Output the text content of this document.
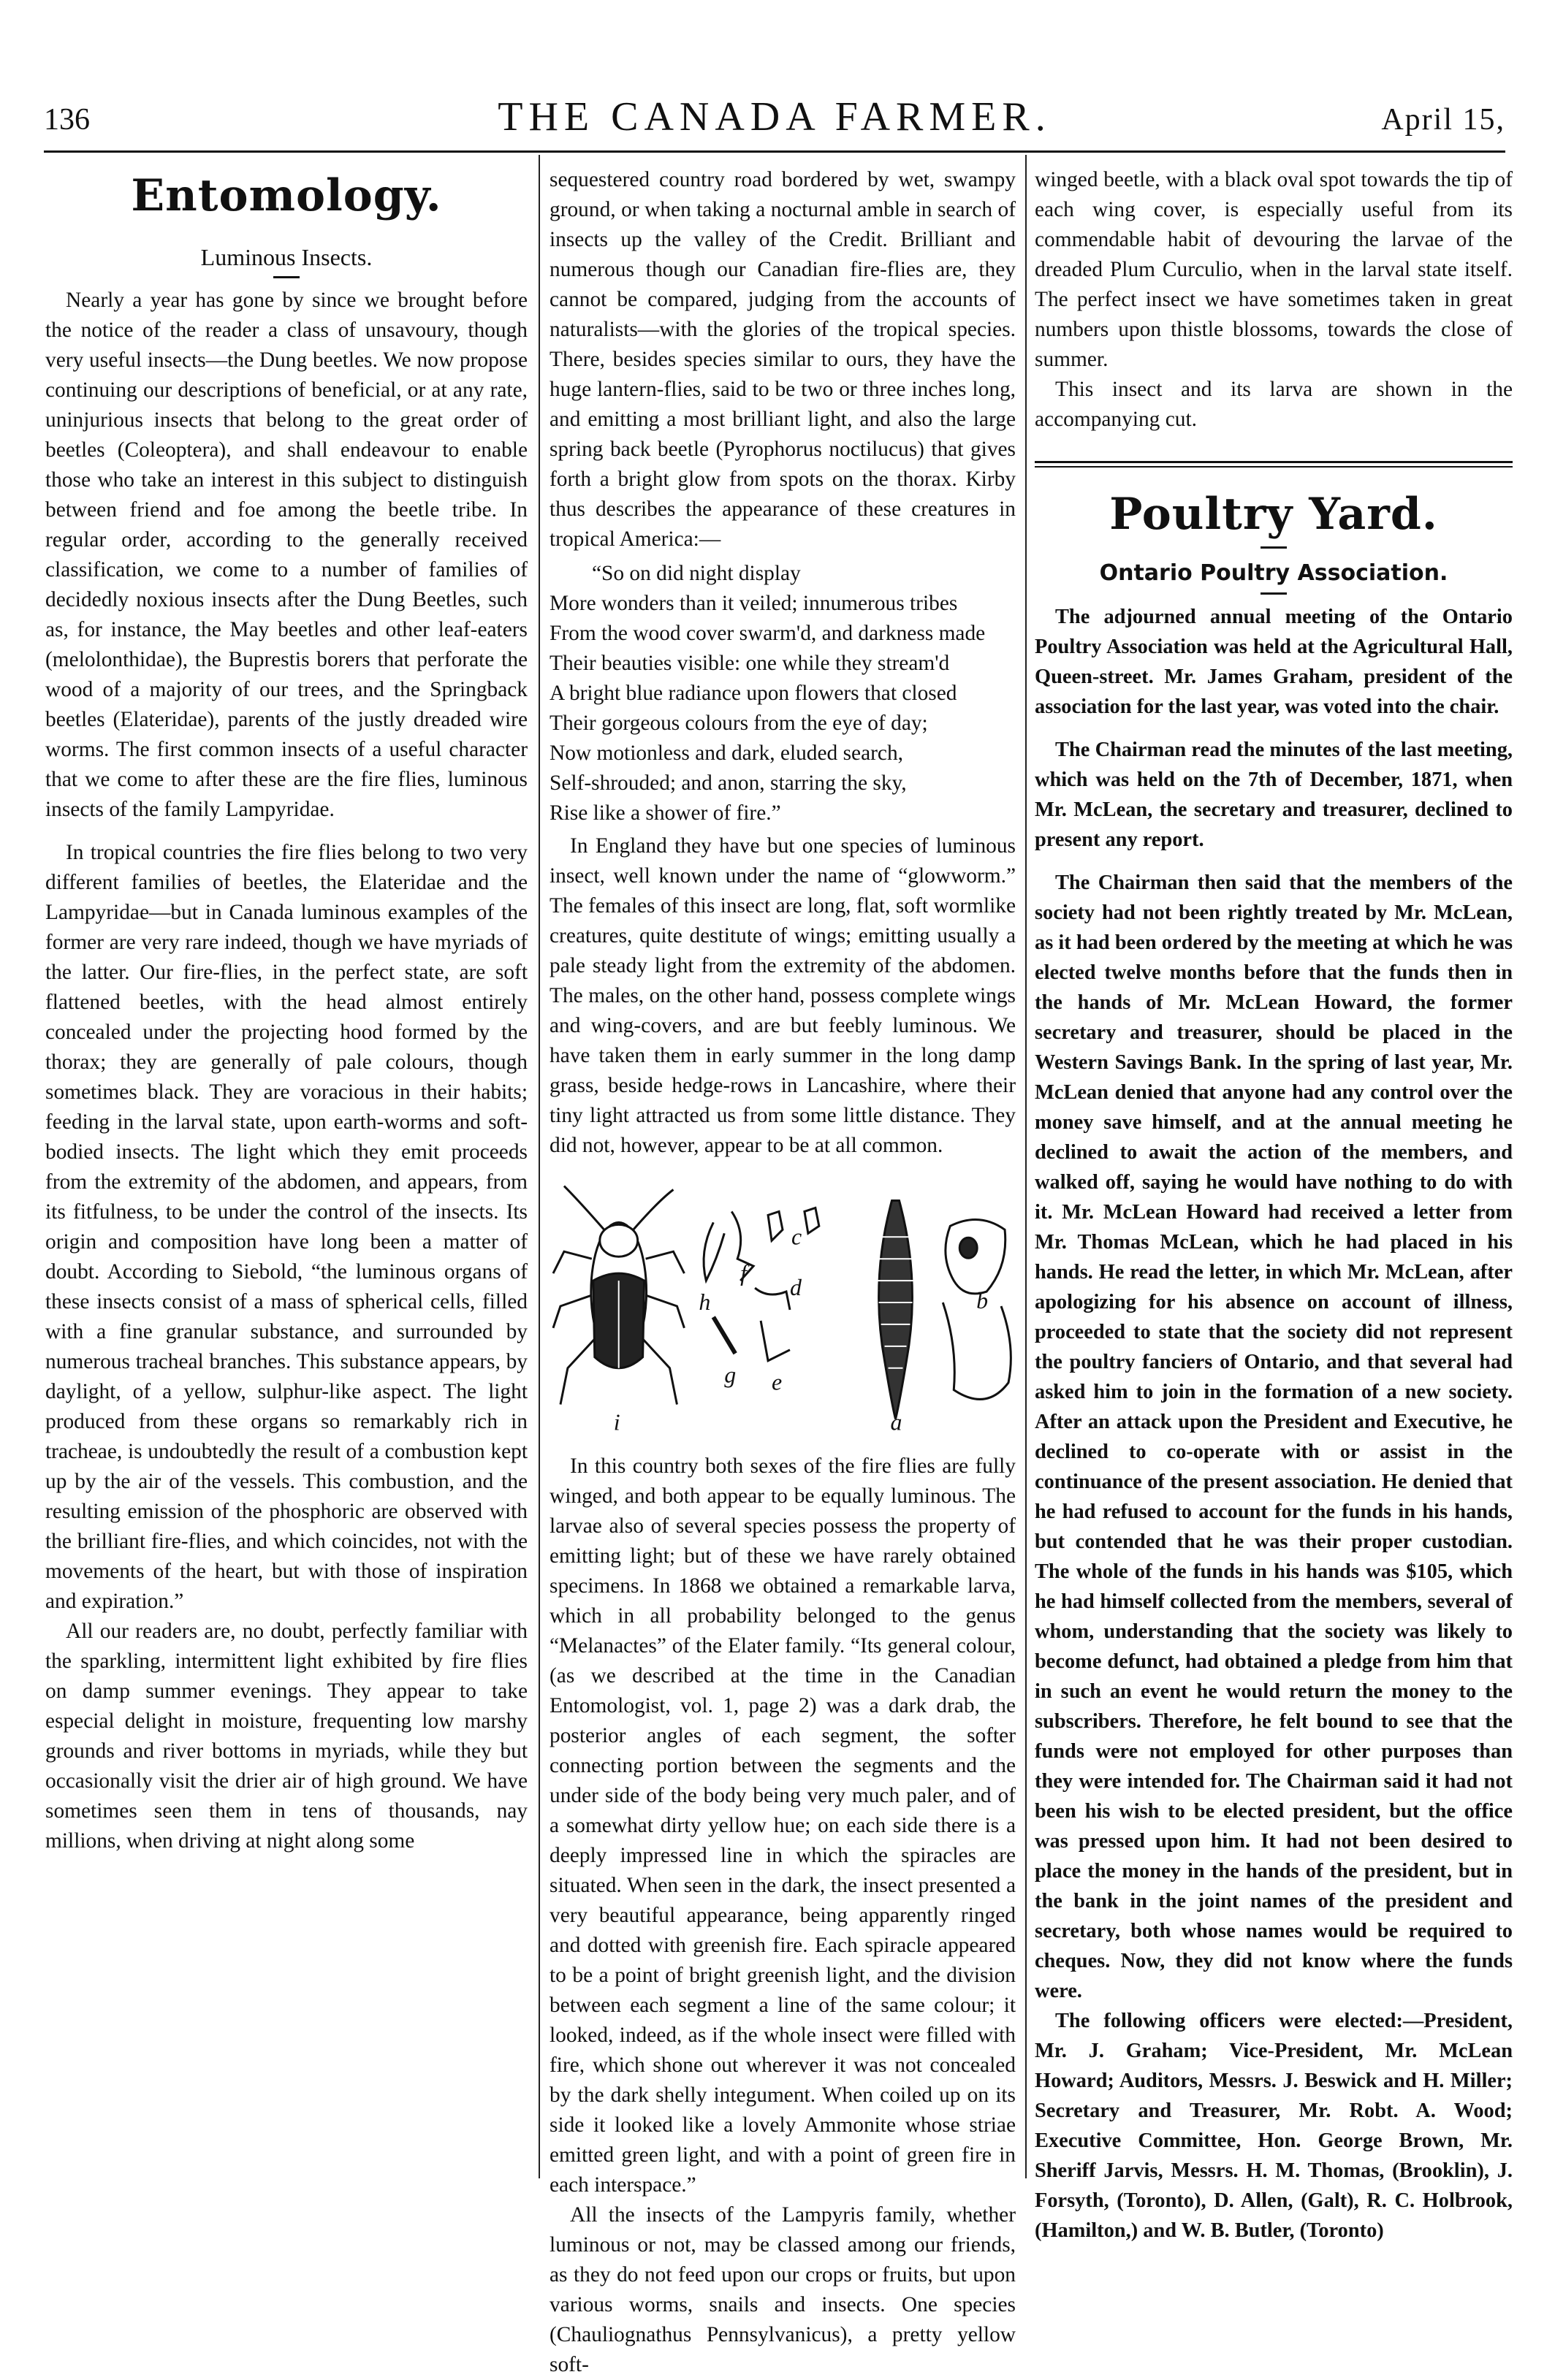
136	THE CANADA FARMER.	April 15,
Entomology.
Luminous Insects.

Nearly a year has gone by since we brought before the notice of the reader a class of unsavoury, though very useful insects—the Dung beetles. We now propose continuing our descriptions of beneficial, or at any rate, uninjurious insects that belong to the great order of beetles (Coleoptera), and shall endeavour to enable those who take an interest in this subject to distinguish between friend and foe among the beetle tribe. In regular order, according to the generally received classification, we come to a number of families of decidedly noxious insects after the Dung Beetles, such as, for instance, the May beetles and other leaf-eaters (melolonthidae), the Buprestis borers that perforate the wood of a majority of our trees, and the Springback beetles (Elateridae), parents of the justly dreaded wire worms. The first common insects of a useful character that we come to after these are the fire flies, luminous insects of the family Lampyridae.

In tropical countries the fire flies belong to two very different families of beetles, the Elateridae and the Lampyridae—but in Canada luminous examples of the former are very rare indeed, though we have myriads of the latter. Our fire-flies, in the perfect state, are soft flattened beetles, with the head almost entirely concealed under the projecting hood formed by the thorax; they are generally of pale colours, though sometimes black. They are voracious in their habits; feeding in the larval state, upon earth-worms and soft-bodied insects. The light which they emit proceeds from the extremity of the abdomen, and appears, from its fitfulness, to be under the control of the insects. Its origin and composition have long been a matter of doubt. According to Siebold, “the luminous organs of these insects consist of a mass of spherical cells, filled with a fine granular substance, and surrounded by numerous tracheal branches. This substance appears, by daylight, of a yellow, sulphur-like aspect. The light produced from these organs so remarkably rich in tracheae, is undoubtedly the result of a combustion kept up by the air of the vessels. This combustion, and the resulting emission of the phosphoric are observed with the brilliant fire-flies, and which coincides, not with the movements of the heart, but with those of inspiration and expiration.”

All our readers are, no doubt, perfectly familiar with the sparkling, intermittent light exhibited by fire flies on damp summer evenings. They appear to take especial delight in moisture, frequenting low marshy grounds and river bottoms in myriads, while they but occasionally visit the drier air of high ground. We have sometimes seen them in tens of thousands, nay millions, when driving at night along some

sequestered country road bordered by wet, swampy ground, or when taking a nocturnal amble in search of insects up the valley of the Credit. Brilliant and numerous though our Canadian fire-flies are, they cannot be compared, judging from the accounts of naturalists—with the glories of the tropical species. There, besides species similar to ours, they have the huge lantern-flies, said to be two or three inches long, and emitting a most brilliant light, and also the large spring back beetle (Pyrophorus noctilucus) that gives forth a bright glow from spots on the thorax. Kirby thus describes the appearance of these creatures in tropical America:—

“So on did night display
More wonders than it veiled; innumerous tribes
From the wood cover swarm'd, and darkness made
Their beauties visible: one while they stream'd
A bright blue radiance upon flowers that closed
Their gorgeous colours from the eye of day;
Now motionless and dark, eluded search,
Self-shrouded; and anon, starring the sky,
Rise like a shower of fire.”

In England they have but one species of luminous insect, well known under the name of “glowworm.” The females of this insect are long, flat, soft wormlike creatures, quite destitute of wings; emitting usually a pale steady light from the extremity of the abdomen. The males, on the other hand, possess complete wings and wing-covers, and are but feebly luminous. We have taken them in early summer in the long damp grass, beside hedge-rows in Lancashire, where their tiny light attracted us from some little distance. They did not, however, appear to be at all common.

h
f
c
b
d
g e
a
i

In this country both sexes of the fire flies are fully winged, and both appear to be equally luminous. The larvae also of several species possess the property of emitting light; but of these we have rarely obtained specimens. In 1868 we obtained a remarkable larva, which in all probability belonged to the genus “Melanactes” of the Elater family. “Its general colour, (as we described at the time in the Canadian Entomologist, vol. 1, page 2) was a dark drab, the posterior angles of each segment, the softer connecting portion between the segments and the under side of the body being very much paler, and of a somewhat dirty yellow hue; on each side there is a deeply impressed line in which the spiracles are situated. When seen in the dark, the insect presented a very beautiful appearance, being apparently ringed and dotted with greenish fire. Each spiracle appeared to be a point of bright greenish light, and the division between each segment a line of the same colour; it looked, indeed, as if the whole insect were filled with fire, which shone out wherever it was not concealed by the dark shelly integument. When coiled up on its side it looked like a lovely Ammonite whose striae emitted green light, and with a point of green fire in each interspace.”

All the insects of the Lampyris family, whether luminous or not, may be classed among our friends, as they do not feed upon our crops or fruits, but upon various worms, snails and insects. One species (Chauliognathus Pennsylvanicus), a pretty yellow soft-

winged beetle, with a black oval spot towards the tip of each wing cover, is especially useful from its commendable habit of devouring the larvae of the dreaded Plum Curculio, when in the larval state itself. The perfect insect we have sometimes taken in great numbers upon thistle blossoms, towards the close of summer.

This insect and its larva are shown in the accompanying cut.

Poultry Yard.
Ontario Poultry Association.

The adjourned annual meeting of the Ontario Poultry Association was held at the Agricultural Hall, Queen-street. Mr. James Graham, president of the association for the last year, was voted into the chair.

The Chairman read the minutes of the last meeting, which was held on the 7th of December, 1871, when Mr. McLean, the secretary and treasurer, declined to present any report.

The Chairman then said that the members of the society had not been rightly treated by Mr. McLean, as it had been ordered by the meeting at which he was elected twelve months before that the funds then in the hands of Mr. McLean Howard, the former secretary and treasurer, should be placed in the Western Savings Bank. In the spring of last year, Mr. McLean denied that anyone had any control over the money save himself, and at the annual meeting he declined to await the action of the members, and walked off, saying he would have nothing to do with it. Mr. McLean Howard had received a letter from Mr. Thomas McLean, which he had placed in his hands. He read the letter, in which Mr. McLean, after apologizing for his absence on account of illness, proceeded to state that the society did not represent the poultry fanciers of Ontario, and that several had asked him to join in the formation of a new society. After an attack upon the President and Executive, he declined to co-operate with or assist in the continuance of the present association. He denied that he had refused to account for the funds in his hands, but contended that he was their proper custodian. The whole of the funds in his hands was $105, which he had himself collected from the members, several of whom, understanding that the society was likely to become defunct, had obtained a pledge from him that in such an event he would return the money to the subscribers. Therefore, he felt bound to see that the funds were not employed for other purposes than they were intended for. The Chairman said it had not been his wish to be elected president, but the office was pressed upon him. It had not been desired to place the money in the hands of the president, but in the bank in the joint names of the president and secretary, both whose names would be required to cheques. Now, they did not know where the funds were.

The following officers were elected:—President, Mr. J. Graham; Vice-President, Mr. McLean Howard; Auditors, Messrs. J. Beswick and H. Miller; Secretary and Treasurer, Mr. Robt. A. Wood; Executive Committee, Hon. George Brown, Mr. Sheriff Jarvis, Messrs. H. M. Thomas, (Brooklin), J. Forsyth, (Toronto), D. Allen, (Galt), R. C. Holbrook, (Hamilton,) and W. B. Butler, (Toronto)
